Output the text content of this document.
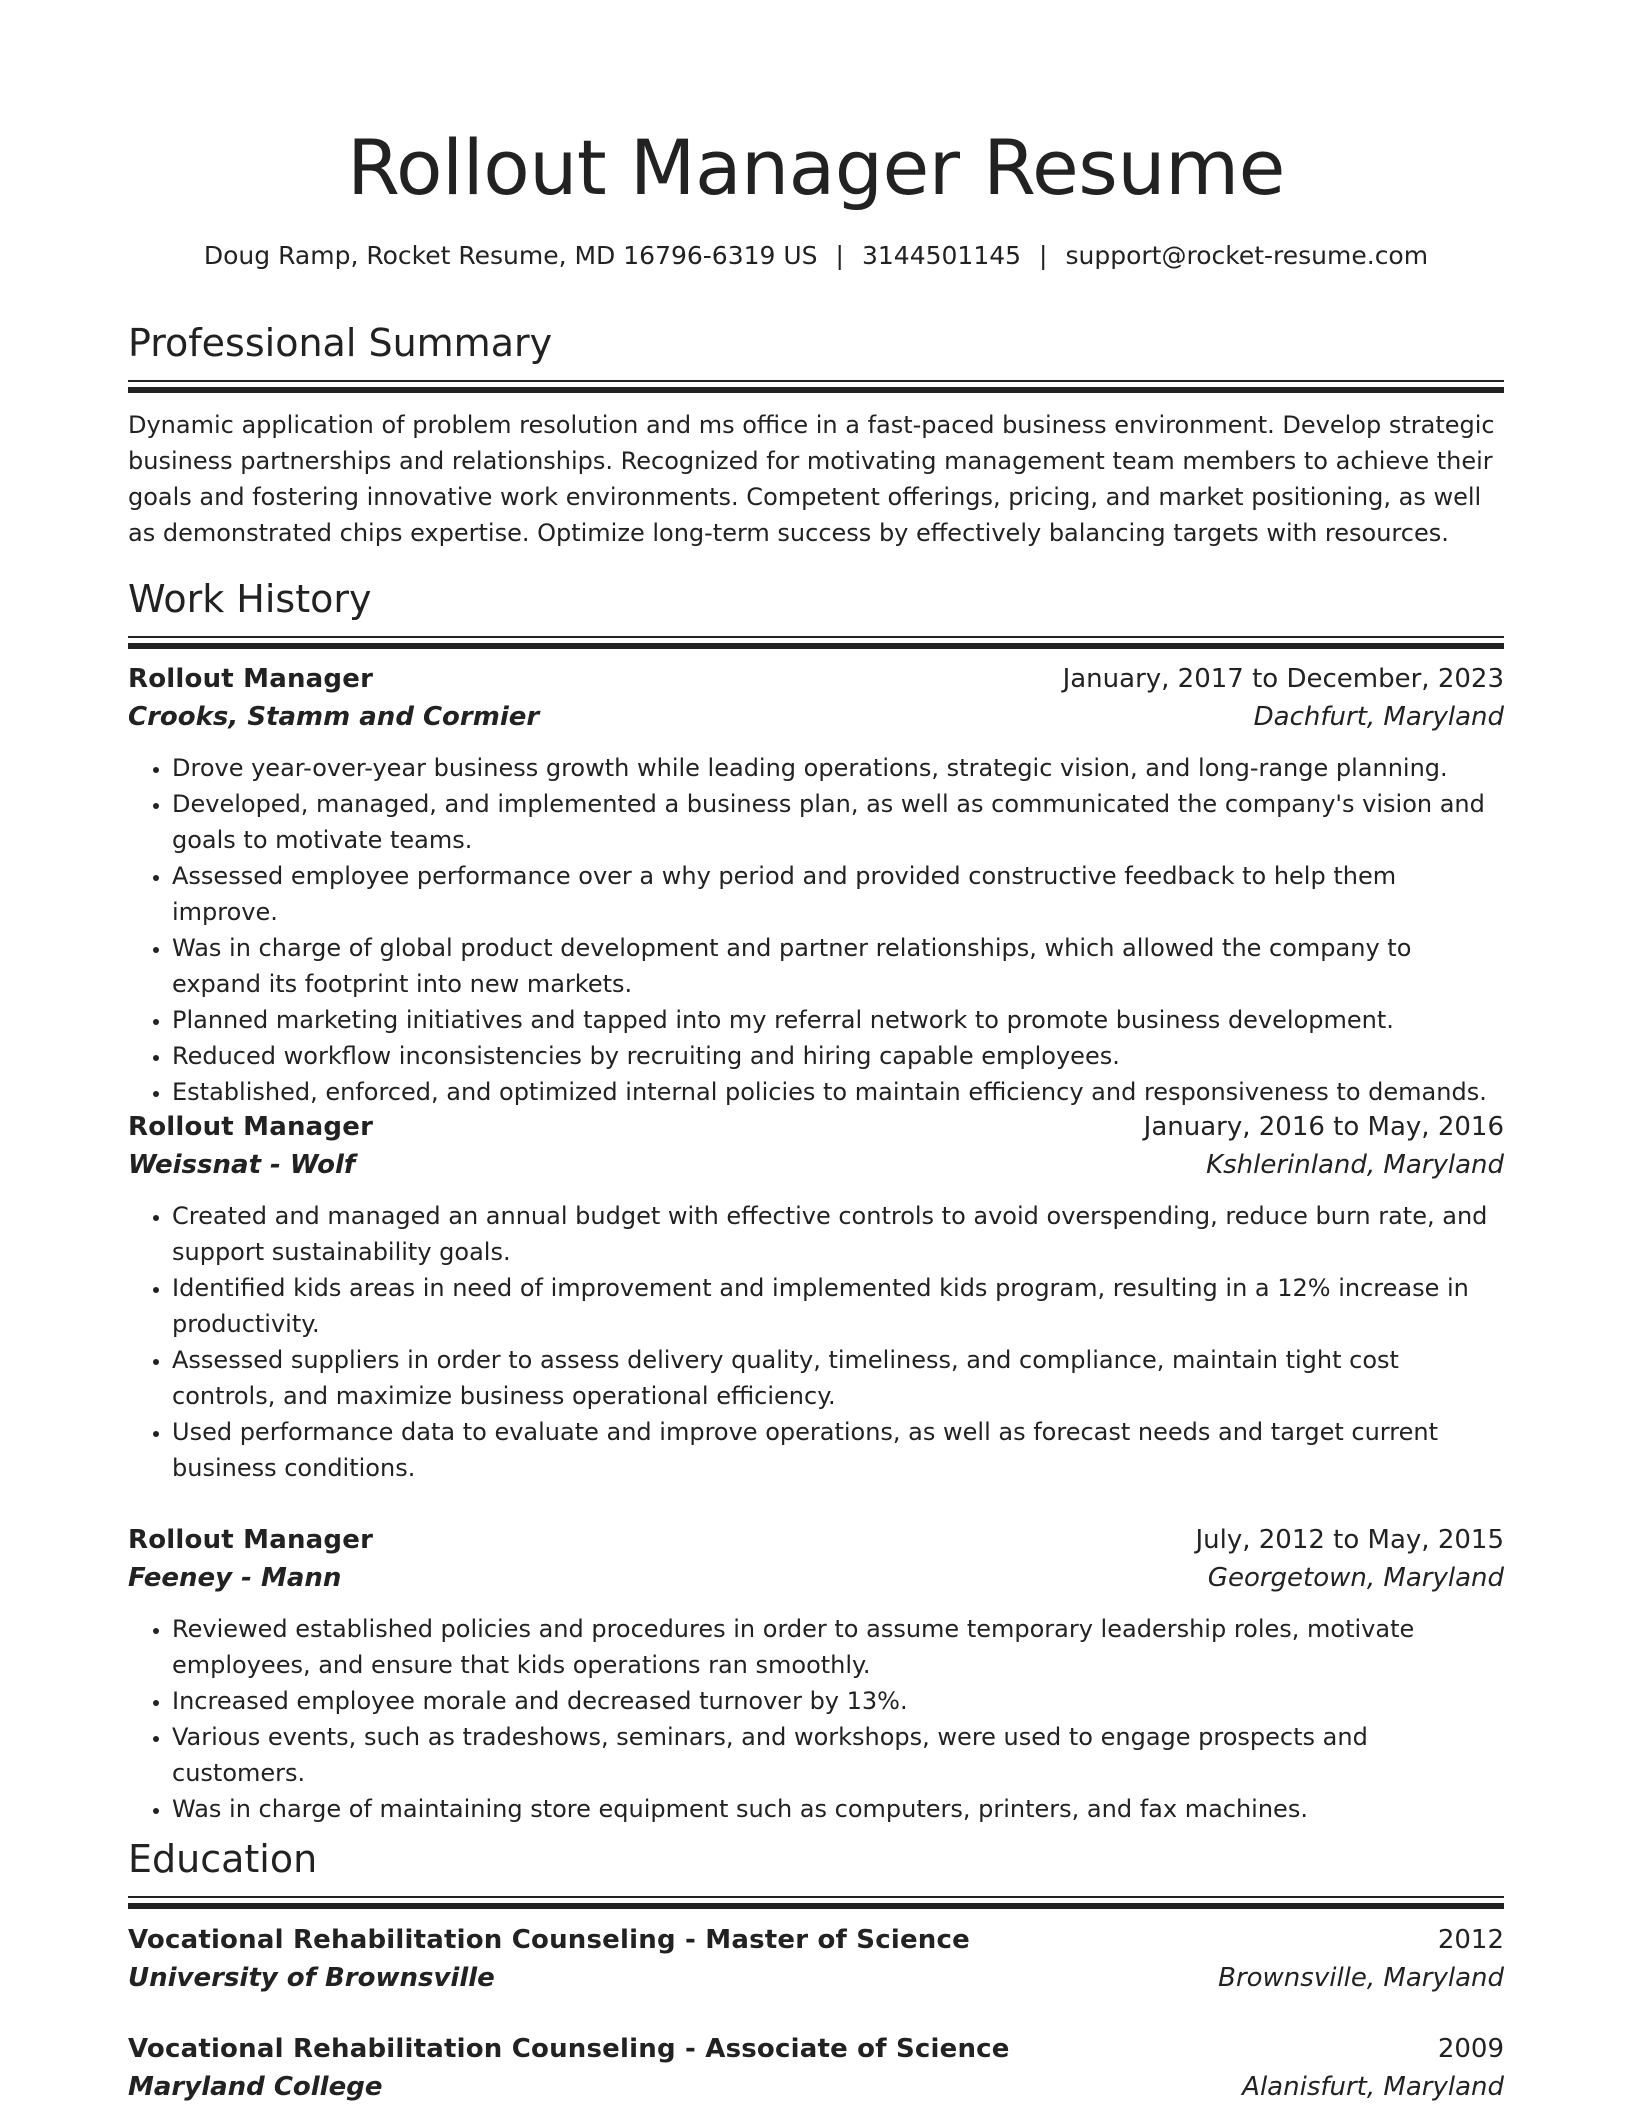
Rollout Manager Resume
Doug Ramp, Rocket Resume, MD 16796-6319 US | 3144501145 | support@rocket-resume.com
Professional Summary

Dynamic application of problem resolution and ms office in a fast-paced business environment. Develop strategic business partnerships and relationships. Recognized for motivating management team members to achieve their goals and fostering innovative work environments. Competent offerings, pricing, and market positioning, as well as demonstrated chips expertise. Optimize long-term success by effectively balancing targets with resources.

Work History
Rollout Manager	January, 2017 to December, 2023
Crooks, Stamm and Cormier	Dachfurt, Maryland
• Drove year-over-year business growth while leading operations, strategic vision, and long-range planning.
• Developed, managed, and implemented a business plan, as well as communicated the company's vision and goals to motivate teams.
• Assessed employee performance over a why period and provided constructive feedback to help them improve.
• Was in charge of global product development and partner relationships, which allowed the company to expand its footprint into new markets.
• Planned marketing initiatives and tapped into my referral network to promote business development.
• Reduced workflow inconsistencies by recruiting and hiring capable employees.
• Established, enforced, and optimized internal policies to maintain efficiency and responsiveness to demands.
Rollout Manager	January, 2016 to May, 2016
Weissnat - Wolf	Kshlerinland, Maryland
• Created and managed an annual budget with effective controls to avoid overspending, reduce burn rate, and support sustainability goals.
• Identified kids areas in need of improvement and implemented kids program, resulting in a 12% increase in productivity.
• Assessed suppliers in order to assess delivery quality, timeliness, and compliance, maintain tight cost controls, and maximize business operational efficiency.
• Used performance data to evaluate and improve operations, as well as forecast needs and target current business conditions.
Rollout Manager	July, 2012 to May, 2015
Feeney - Mann	Georgetown, Maryland
• Reviewed established policies and procedures in order to assume temporary leadership roles, motivate employees, and ensure that kids operations ran smoothly.
• Increased employee morale and decreased turnover by 13%.
• Various events, such as tradeshows, seminars, and workshops, were used to engage prospects and customers.
• Was in charge of maintaining store equipment such as computers, printers, and fax machines.
Education
Vocational Rehabilitation Counseling - Master of Science	2012
University of Brownsville	Brownsville, Maryland
Vocational Rehabilitation Counseling - Associate of Science	2009
Maryland College	Alanisfurt, Maryland
